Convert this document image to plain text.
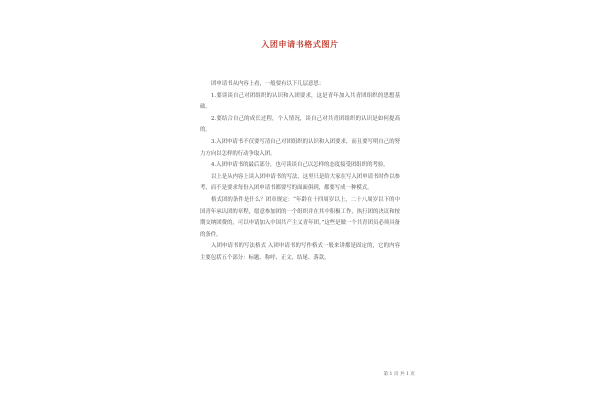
入团申请书格式图片

团申请书从内容上看，一般要有以下几层意思：

1.要谈谈自己对团组织的认识和入团要求，这是青年加入共青团组织的思想基础。

2.要结合自己的成长过程，个人情况，谈自己对共青团组织的认识是如何提高的。

3.入团申请书不仅要写清自己对团组织的认识和入团要求，而且要写明自己的努力方向以怎样的行动争取入团。

4.入团申请书的最后部分，也可谈谈自己以怎样的态度接受团组织的考验。

以上是从内容上谈入团申请书的写法，这里只是给大家在写入团申请书时作以参考，而不是要求每份入团申请书都要写的面面俱到，都要写成一种模式。

格式团的条件是什么？团章规定：“年龄在十四周岁以上，二十八周岁以下的中国青年承认团的章程，愿意参加团的一个组织并在其中积极工作，执行团的决议和按期交纳团费的，可以申请加入中国共产主义青年团。”这些是做一个共青团员必须具备的条件。

入团申请书的写法格式 入团申请书的写作格式一般来讲都是固定的，它的内容主要包括五个部分：标题、称呼、正文、结尾、落款。

第 1 页 共 1 页
